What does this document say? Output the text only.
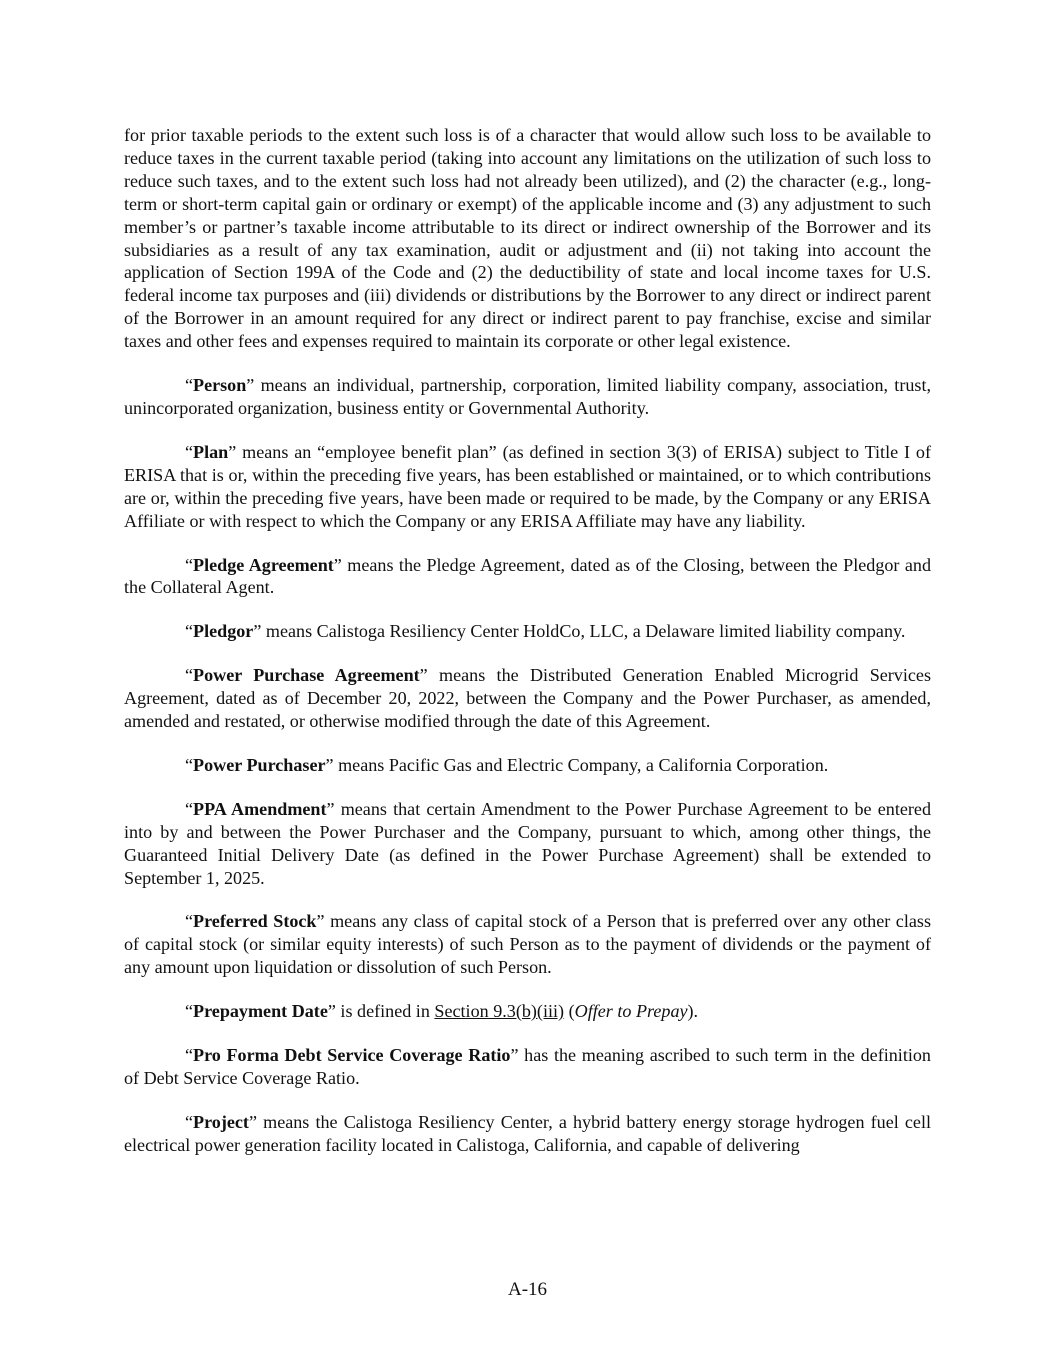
for prior taxable periods to the extent such loss is of a character that would allow such loss to be available to reduce taxes in the current taxable period (taking into account any limitations on the utilization of such loss to reduce such taxes, and to the extent such loss had not already been utilized), and (2) the character (e.g., long-term or short-term capital gain or ordinary or exempt) of the applicable income and (3) any adjustment to such member’s or partner’s taxable income attributable to its direct or indirect ownership of the Borrower and its subsidiaries as a result of any tax examination, audit or adjustment and (ii) not taking into account the application of Section 199A of the Code and (2) the deductibility of state and local income taxes for U.S. federal income tax purposes and (iii) dividends or distributions by the Borrower to any direct or indirect parent of the Borrower in an amount required for any direct or indirect parent to pay franchise, excise and similar taxes and other fees and expenses required to maintain its corporate or other legal existence.

“Person” means an individual, partnership, corporation, limited liability company, association, trust, unincorporated organization, business entity or Governmental Authority.

“Plan” means an “employee benefit plan” (as defined in section 3(3) of ERISA) subject to Title I of ERISA that is or, within the preceding five years, has been established or maintained, or to which contributions are or, within the preceding five years, have been made or required to be made, by the Company or any ERISA Affiliate or with respect to which the Company or any ERISA Affiliate may have any liability.

“Pledge Agreement” means the Pledge Agreement, dated as of the Closing, between the Pledgor and the Collateral Agent.

“Pledgor” means Calistoga Resiliency Center HoldCo, LLC, a Delaware limited liability company.

“Power Purchase Agreement” means the Distributed Generation Enabled Microgrid Services Agreement, dated as of December 20, 2022, between the Company and the Power Purchaser, as amended, amended and restated, or otherwise modified through the date of this Agreement.

“Power Purchaser” means Pacific Gas and Electric Company, a California Corporation.

“PPA Amendment” means that certain Amendment to the Power Purchase Agreement to be entered into by and between the Power Purchaser and the Company, pursuant to which, among other things, the Guaranteed Initial Delivery Date (as defined in the Power Purchase Agreement) shall be extended to September 1, 2025.

“Preferred Stock” means any class of capital stock of a Person that is preferred over any other class of capital stock (or similar equity interests) of such Person as to the payment of dividends or the payment of any amount upon liquidation or dissolution of such Person.

“Prepayment Date” is defined in Section 9.3(b)(iii) (Offer to Prepay).

“Pro Forma Debt Service Coverage Ratio” has the meaning ascribed to such term in the definition of Debt Service Coverage Ratio.

“Project” means the Calistoga Resiliency Center, a hybrid battery energy storage hydrogen fuel cell electrical power generation facility located in Calistoga, California, and capable of delivering

A-16
